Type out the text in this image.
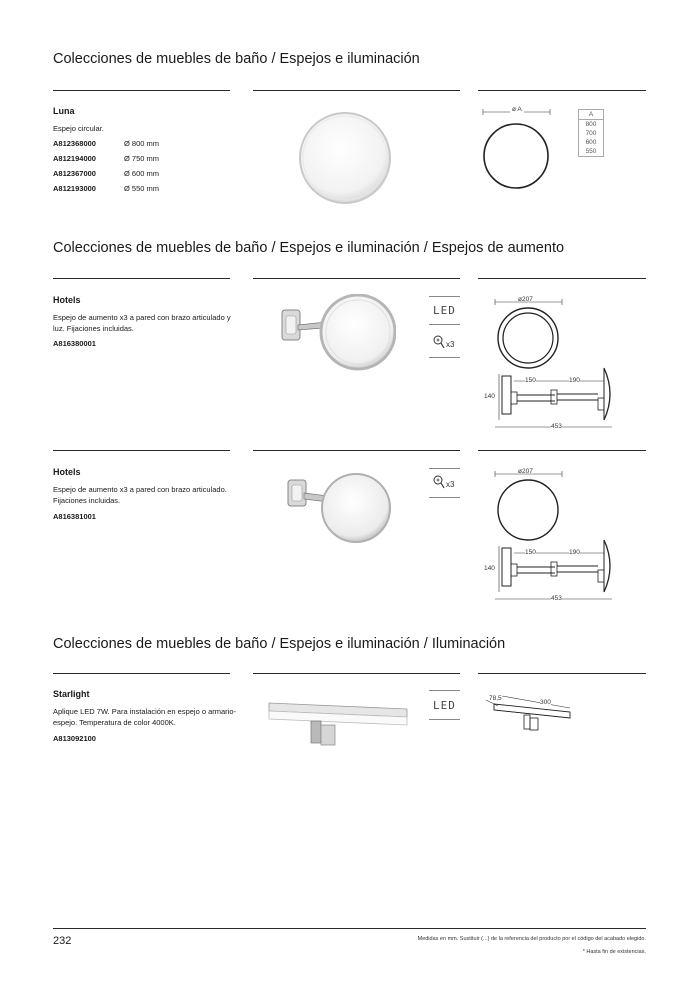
Colecciones de muebles de baño / Espejos e iluminación
Luna
Espejo circular.
A812368000	Ø 800 mm
A812194000	Ø 750 mm
A812367000	Ø 600 mm
A812193000	Ø 550 mm
ø A
A
800
700
600
550
Colecciones de muebles de baño / Espejos e iluminación / Espejos de aumento
Hotels
Espejo de aumento x3 a pared con brazo articulado y luz. Fijaciones incluidas.
A816380001
LED
x3
ø207
150	190
140
453
Hotels
Espejo de aumento x3 a pared con brazo articulado. Fijaciones incluidas.
A816381001
x3
ø207
150	190
140
453
Colecciones de muebles de baño / Espejos e iluminación / Iluminación
Starlight
Aplique LED 7W. Para instalación en espejo o armario-espejo. Temperatura de color 4000K.
A813092100
LED
78,5
300
232	Medidas en mm. Sustituir (...) de la referencia del producto por el código del acabado elegido.
* Hasta fin de existencias.
